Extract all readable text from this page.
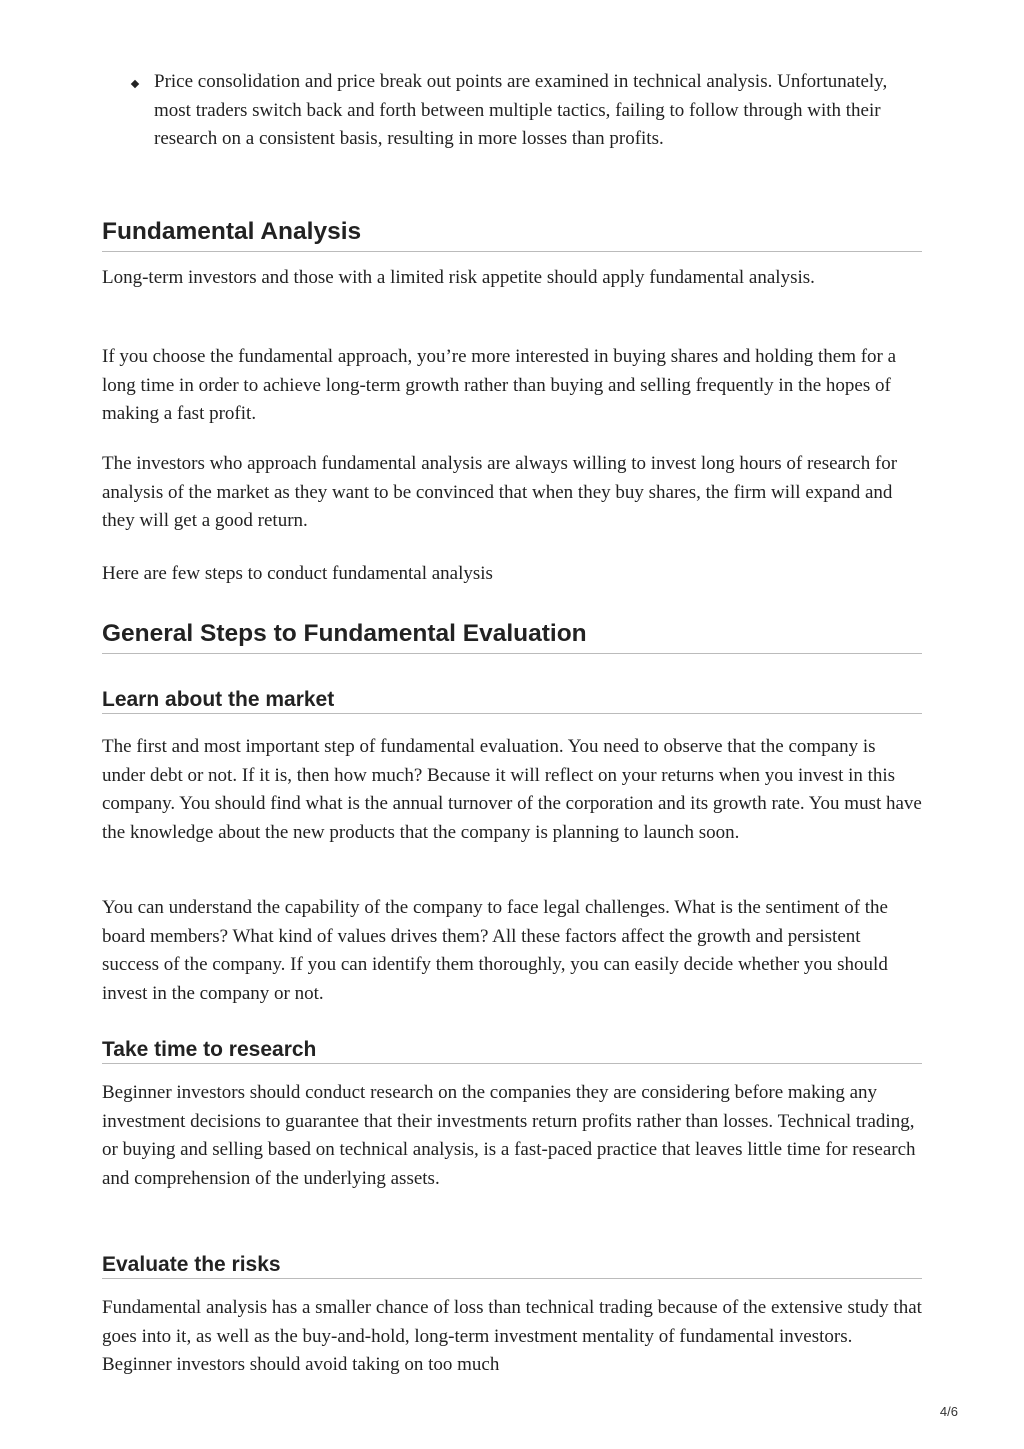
Price consolidation and price break out points are examined in technical analysis. Unfortunately, most traders switch back and forth between multiple tactics, failing to follow through with their research on a consistent basis, resulting in more losses than profits.
Fundamental Analysis

Long-term investors and those with a limited risk appetite should apply fundamental analysis.

If you choose the fundamental approach, you’re more interested in buying shares and holding them for a long time in order to achieve long-term growth rather than buying and selling frequently in the hopes of making a fast profit.

The investors who approach fundamental analysis are always willing to invest long hours of research for analysis of the market as they want to be convinced that when they buy shares, the firm will expand and they will get a good return.

Here are few steps to conduct fundamental analysis

General Steps to Fundamental Evaluation
Learn about the market

The first and most important step of fundamental evaluation. You need to observe that the company is under debt or not. If it is, then how much? Because it will reflect on your returns when you invest in this company. You should find what is the annual turnover of the corporation and its growth rate. You must have the knowledge about the new products that the company is planning to launch soon.

You can understand the capability of the company to face legal challenges. What is the sentiment of the board members? What kind of values drives them? All these factors affect the growth and persistent success of the company. If you can identify them thoroughly, you can easily decide whether you should invest in the company or not.

Take time to research

Beginner investors should conduct research on the companies they are considering before making any investment decisions to guarantee that their investments return profits rather than losses. Technical trading, or buying and selling based on technical analysis, is a fast-paced practice that leaves little time for research and comprehension of the underlying assets.

Evaluate the risks

Fundamental analysis has a smaller chance of loss than technical trading because of the extensive study that goes into it, as well as the buy-and-hold, long-term investment mentality of fundamental investors. Beginner investors should avoid taking on too much

4/6
